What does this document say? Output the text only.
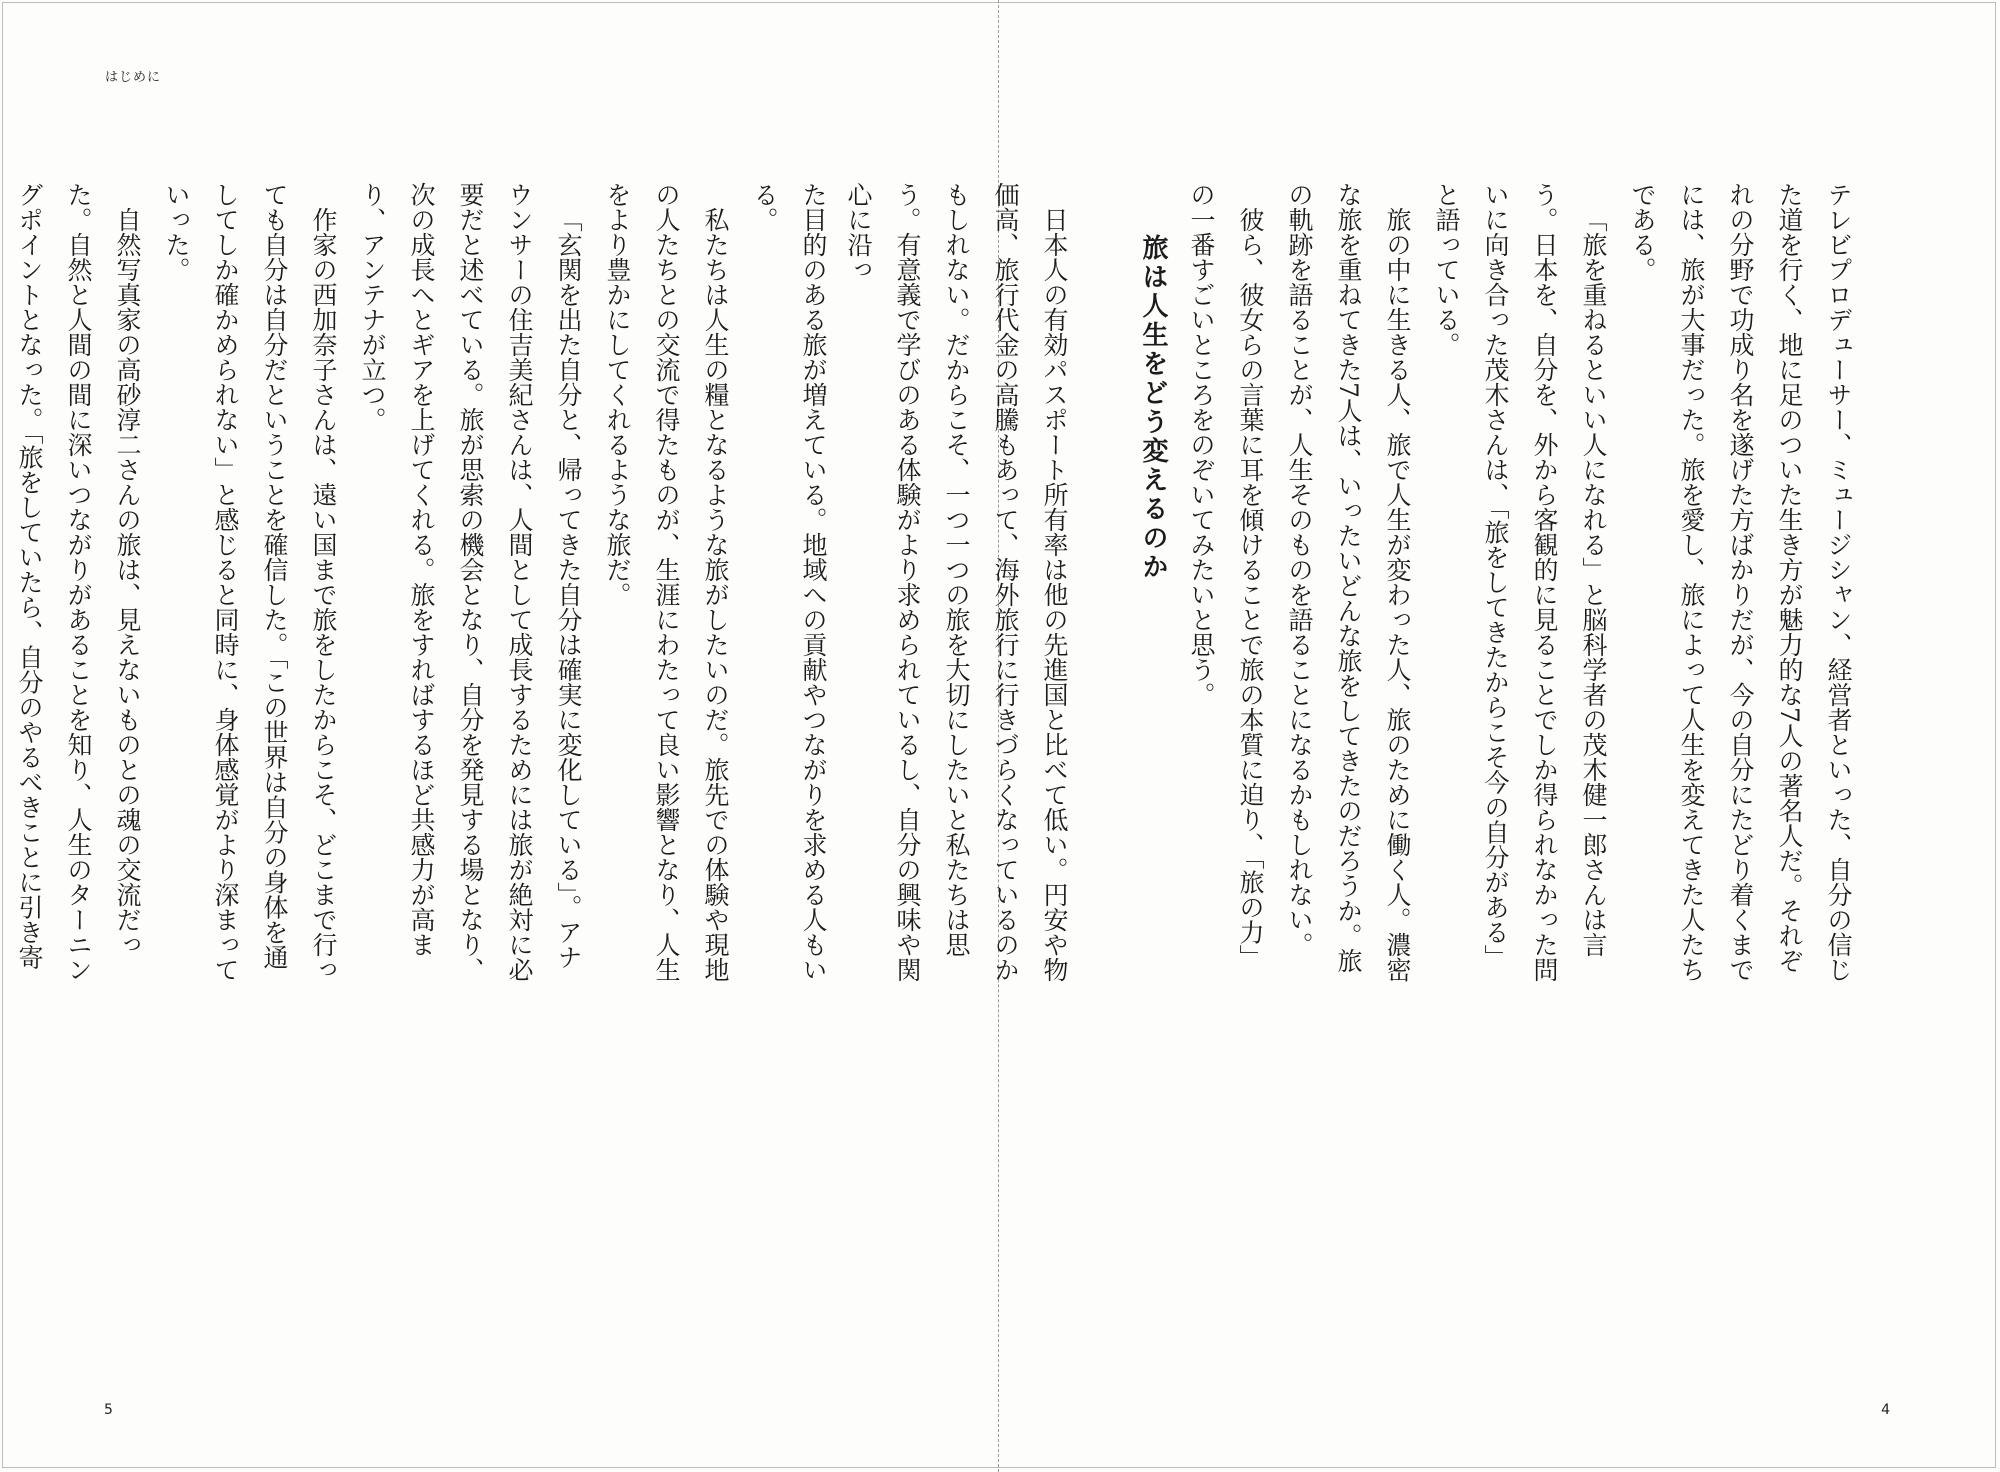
はじめに

た目的のある旅が増えている。地域への貢献やつながりを求める人もいる。

私たちは人生の糧となるような旅がしたいのだ。旅先での体験や現地の人たちとの交流で得たものが、生涯にわたって良い影響となり、人生をより豊かにしてくれるような旅だ。

「玄関を出た自分と、帰ってきた自分は確実に変化している」。アナウンサーの住吉美紀さんは、人間として成長するためには旅が絶対に必要だと述べている。旅が思索の機会となり、自分を発見する場となり、次の成長へとギアを上げてくれる。旅をすればするほど共感力が高まり、アンテナが立つ。

作家の西加奈子さんは、遠い国まで旅をしたからこそ、どこまで行っても自分は自分だということを確信した。「この世界は自分の身体を通してしか確かめられない」と感じると同時に、身体感覚がより深まっていった。

自然写真家の高砂淳二さんの旅は、見えないものとの魂の交流だった。自然と人間の間に深いつながりがあることを知り、人生のターニングポイントとなった。「旅をしていたら、自分のやるべきことに引き寄

5

テレビプロデューサー、ミュージシャン、経営者といった、自分の信じた道を行く、地に足のついた生き方が魅力的な7人の著名人だ。それぞれの分野で功成り名を遂げた方ばかりだが、今の自分にたどり着くまでには、旅が大事だった。旅を愛し、旅によって人生を変えてきた人たちである。

「旅を重ねるといい人になれる」と脳科学者の茂木健一郎さんは言う。日本を、自分を、外から客観的に見ることでしか得られなかった問いに向き合った茂木さんは、「旅をしてきたからこそ今の自分がある」と語っている。

旅の中に生きる人、旅で人生が変わった人、旅のために働く人。濃密な旅を重ねてきた7人は、いったいどんな旅をしてきたのだろうか。旅の軌跡を語ることが、人生そのものを語ることになるかもしれない。

彼ら、彼女らの言葉に耳を傾けることで旅の本質に迫り、「旅の力」の一番すごいところをのぞいてみたいと思う。

旅は人生をどう変えるのか

日本人の有効パスポート所有率は他の先進国と比べて低い。円安や物価高、旅行代金の高騰もあって、海外旅行に行きづらくなっているのかもしれない。だからこそ、一つ一つの旅を大切にしたいと私たちは思う。有意義で学びのある体験がより求められているし、自分の興味や関心に沿っ

4
